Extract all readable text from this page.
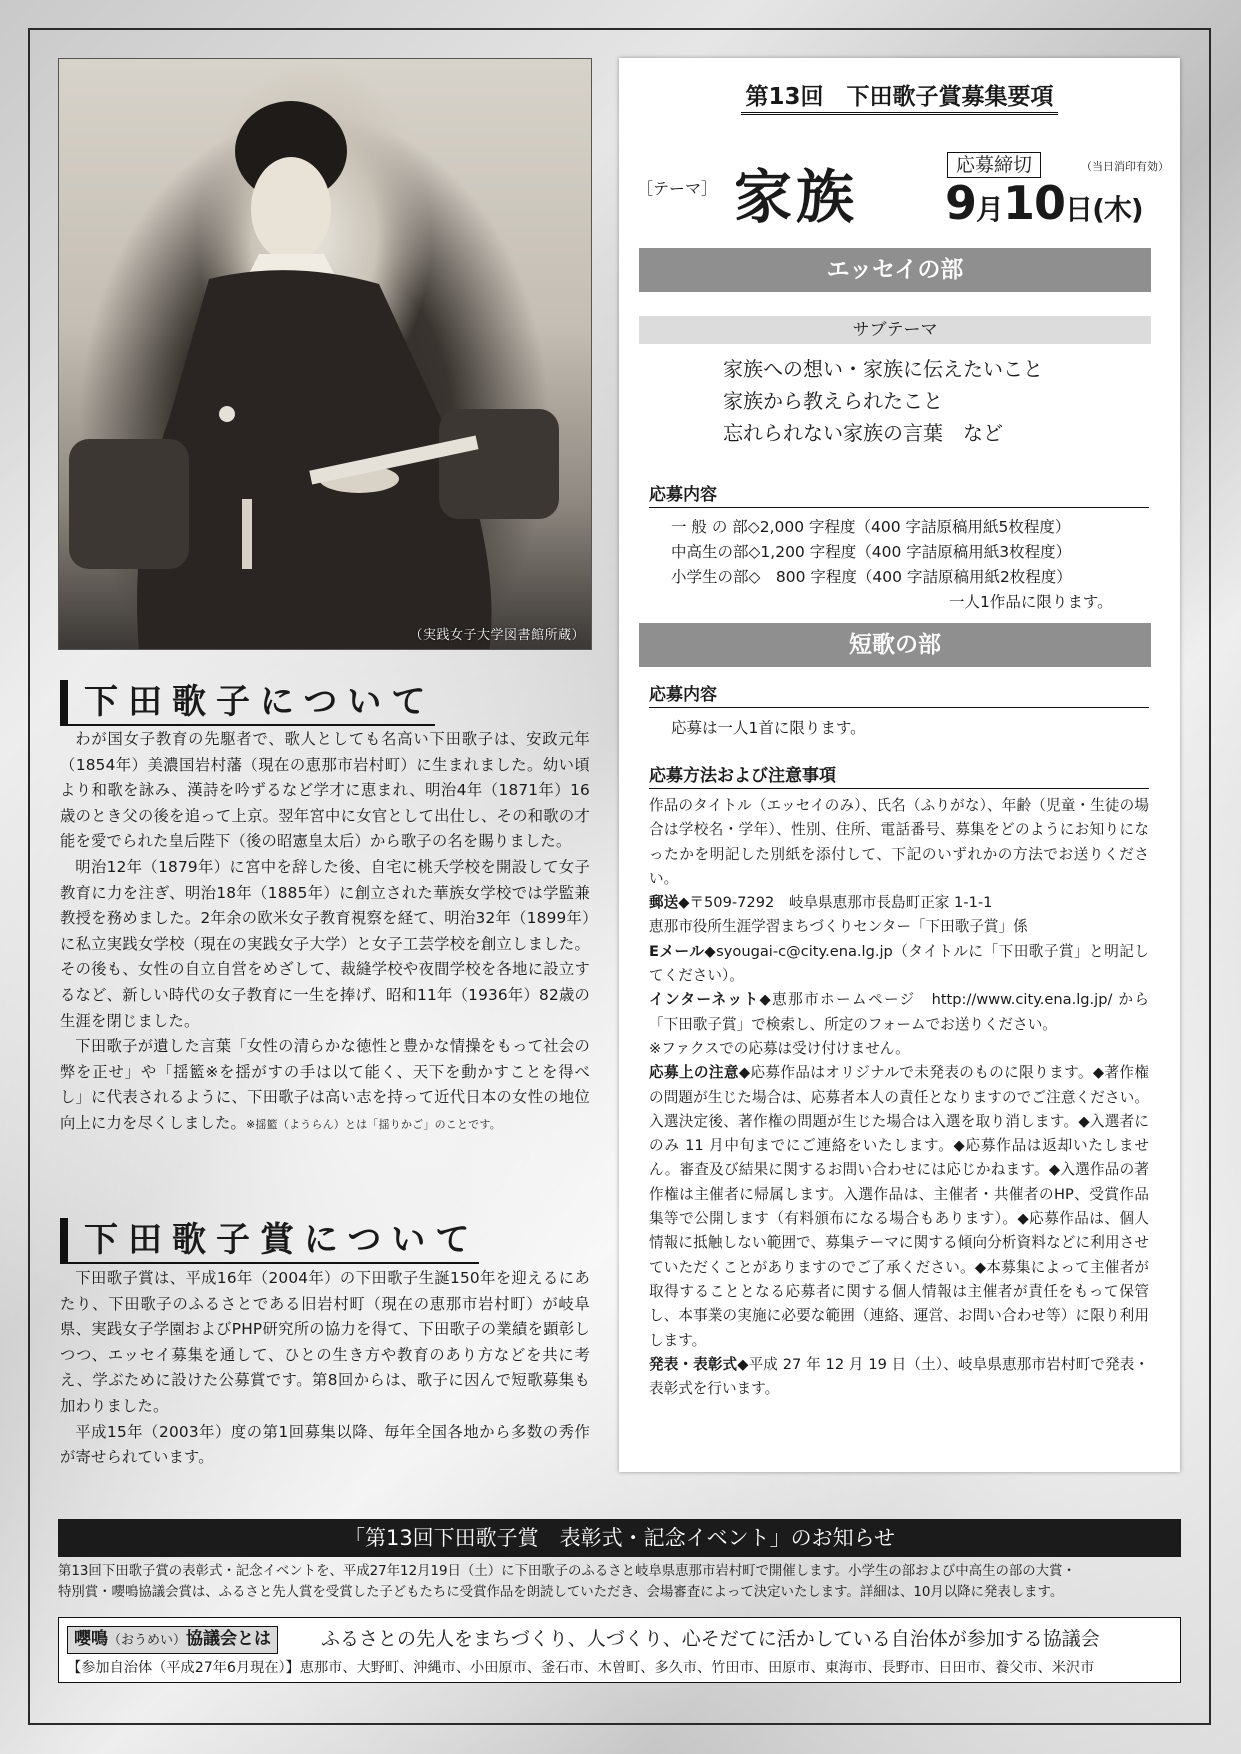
（実践女子大学図書館所蔵）
下田歌子について

わが国女子教育の先駆者で、歌人としても名高い下田歌子は、安政元年（1854年）美濃国岩村藩（現在の恵那市岩村町）に生まれました。幼い頃より和歌を詠み、漢詩を吟ずるなど学才に恵まれ、明治4年（1871年）16歳のとき父の後を追って上京。翌年宮中に女官として出仕し、その和歌の才能を愛でられた皇后陛下（後の昭憲皇太后）から歌子の名を賜りました。

明治12年（1879年）に宮中を辞した後、自宅に桃夭学校を開設して女子教育に力を注ぎ、明治18年（1885年）に創立された華族女学校では学監兼教授を務めました。2年余の欧米女子教育視察を経て、明治32年（1899年）に私立実践女学校（現在の実践女子大学）と女子工芸学校を創立しました。その後も、女性の自立自営をめざして、裁縫学校や夜間学校を各地に設立するなど、新しい時代の女子教育に一生を捧げ、昭和11年（1936年）82歳の生涯を閉じました。

下田歌子が遺した言葉「女性の清らかな徳性と豊かな情操をもって社会の弊を正せ」や「揺籃※を揺がすの手は以て能く、天下を動かすことを得べし」に代表されるように、下田歌子は高い志を持って近代日本の女性の地位向上に力を尽くしました。※揺籃（ようらん）とは「揺りかご」のことです。

下田歌子賞について

下田歌子賞は、平成16年（2004年）の下田歌子生誕150年を迎えるにあたり、下田歌子のふるさとである旧岩村町（現在の恵那市岩村町）が岐阜県、実践女子学園およびPHP研究所の協力を得て、下田歌子の業績を顕彰しつつ、エッセイ募集を通して、ひとの生き方や教育のあり方などを共に考え、学ぶために設けた公募賞です。第8回からは、歌子に因んで短歌募集も加わりました。

平成15年（2003年）度の第1回募集以降、毎年全国各地から多数の秀作が寄せられています。

第13回　下田歌子賞募集要項
［テーマ］ 家族	応募締切	（当日消印有効）
9月10日(木)
エッセイの部
サブテーマ
家族への想い・家族に伝えたいこと
家族から教えられたこと
忘れられない家族の言葉　など
応募内容
一 般 の 部◇2,000 字程度（400 字詰原稿用紙5枚程度）
中高生の部◇1,200 字程度（400 字詰原稿用紙3枚程度）
小学生の部◇　800 字程度（400 字詰原稿用紙2枚程度）
一人1作品に限ります。
短歌の部
応募内容
応募は一人1首に限ります。
応募方法および注意事項

作品のタイトル（エッセイのみ）、氏名（ふりがな）、年齢（児童・生徒の場合は学校名・学年）、性別、住所、電話番号、募集をどのようにお知りになったかを明記した別紙を添付して、下記のいずれかの方法でお送りください。

郵送◆〒509-7292　岐阜県恵那市長島町正家 1-1-1

恵那市役所生涯学習まちづくりセンター「下田歌子賞」係

Eメール◆syougai-c@city.ena.lg.jp（タイトルに「下田歌子賞」と明記してください）。

インターネット◆恵那市ホームページ　http://www.city.ena.lg.jp/ から「下田歌子賞」で検索し、所定のフォームでお送りください。

※ファクスでの応募は受け付けません。

応募上の注意◆応募作品はオリジナルで未発表のものに限ります。◆著作権の問題が生じた場合は、応募者本人の責任となりますのでご注意ください。入選決定後、著作権の問題が生じた場合は入選を取り消します。◆入選者にのみ 11 月中旬までにご連絡をいたします。◆応募作品は返却いたしません。審査及び結果に関するお問い合わせには応じかねます。◆入選作品の著作権は主催者に帰属します。入選作品は、主催者・共催者のHP、受賞作品集等で公開します（有料頒布になる場合もあります）。◆応募作品は、個人情報に抵触しない範囲で、募集テーマに関する傾向分析資料などに利用させていただくことがありますのでご了承ください。◆本募集によって主催者が取得することとなる応募者に関する個人情報は主催者が責任をもって保管し、本事業の実施に必要な範囲（連絡、運営、お問い合わせ等）に限り利用します。

発表・表彰式◆平成 27 年 12 月 19 日（土）、岐阜県恵那市岩村町で発表・表彰式を行います。

「第13回下田歌子賞　表彰式・記念イベント」のお知らせ
第13回下田歌子賞の表彰式・記念イベントを、平成27年12月19日（土）に下田歌子のふるさと岐阜県恵那市岩村町で開催します。小学生の部および中高生の部の大賞・
特別賞・嚶鳴協議会賞は、ふるさと先人賞を受賞した子どもたちに受賞作品を朗読していただき、会場審査によって決定いたします。詳細は、10月以降に発表します。
嚶鳴（おうめい）協議会とは	ふるさとの先人をまちづくり、人づくり、心そだてに活かしている自治体が参加する協議会
【参加自治体（平成27年6月現在）】恵那市、大野町、沖縄市、小田原市、釜石市、木曽町、多久市、竹田市、田原市、東海市、長野市、日田市、養父市、米沢市
